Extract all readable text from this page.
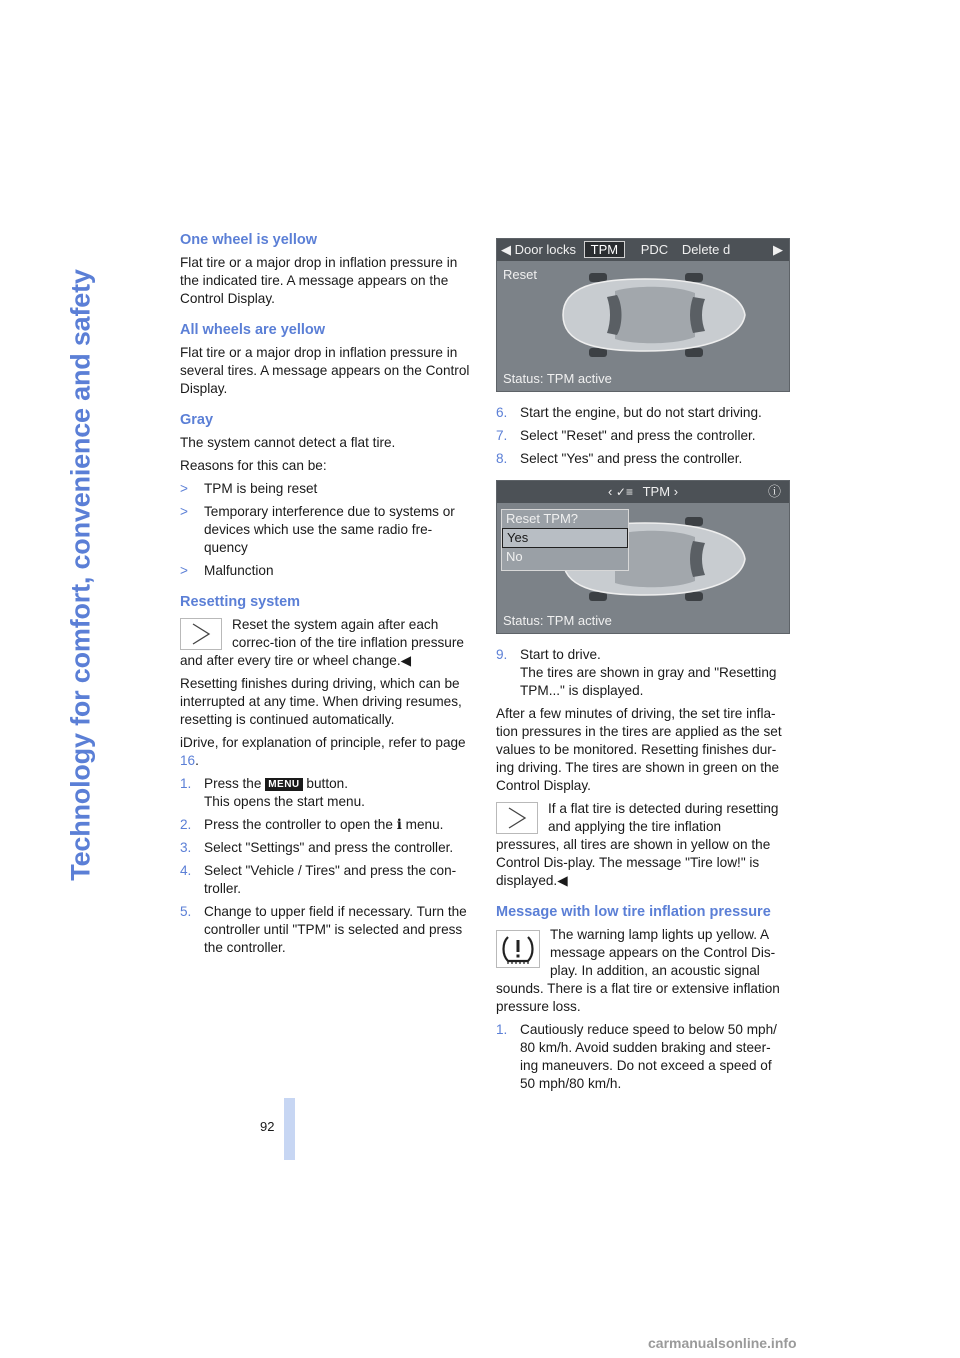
Technology for comfort, convenience and safety
92
One wheel is yellow

Flat tire or a major drop in inflation pressure in the indicated tire. A message appears on the Control Display.

All wheels are yellow

Flat tire or a major drop in inflation pressure in several tires. A message appears on the Control Display.

Gray

The system cannot detect a flat tire.

Reasons for this can be:

> TPM is being reset
> Temporary interference due to systems or devices which use the same radio fre-quency
> Malfunction
Resetting system
Reset the system again after each correc-tion of the tire inflation pressure and after every tire or wheel change.◀

Resetting finishes during driving, which can be interrupted at any time. When driving resumes, resetting is continued automatically.

iDrive, for explanation of principle, refer to page 16.

1. Press the MENU button.
This opens the start menu.
2. Press the controller to open the i menu.
3. Select "Settings" and press the controller.
4. Select "Vehicle / Tires" and press the con-troller.
5. Change to upper field if necessary. Turn the controller until "TPM" is selected and press the controller.
◀ Door locks TPM PDC Delete d	▶
Reset
Status: TPM active
6. Start the engine, but do not start driving.
7. Select "Reset" and press the controller.
8. Select "Yes" and press the controller.
‹ ✓≡ TPM ›	ⓘ
Reset TPM?
Yes
No
Status: TPM active
9. Start to drive.
The tires are shown in gray and "Resetting TPM..." is displayed.

After a few minutes of driving, the set tire infla-tion pressures in the tires are applied as the set values to be monitored. Resetting finishes dur-ing driving. The tires are shown in green on the Control Display.

If a flat tire is detected during resetting and applying the tire inflation pressures, all tires are shown in yellow on the Control Dis-play. The message "Tire low!" is displayed.◀
Message with low tire inflation pressure
The warning lamp lights up yellow. A message appears on the Control Dis-play. In addition, an acoustic signal sounds. There is a flat tire or extensive inflation pressure loss.
1. Cautiously reduce speed to below 50 mph/ 80 km/h. Avoid sudden braking and steer-ing maneuvers. Do not exceed a speed of 50 mph/80 km/h.
carmanualsonline.info
